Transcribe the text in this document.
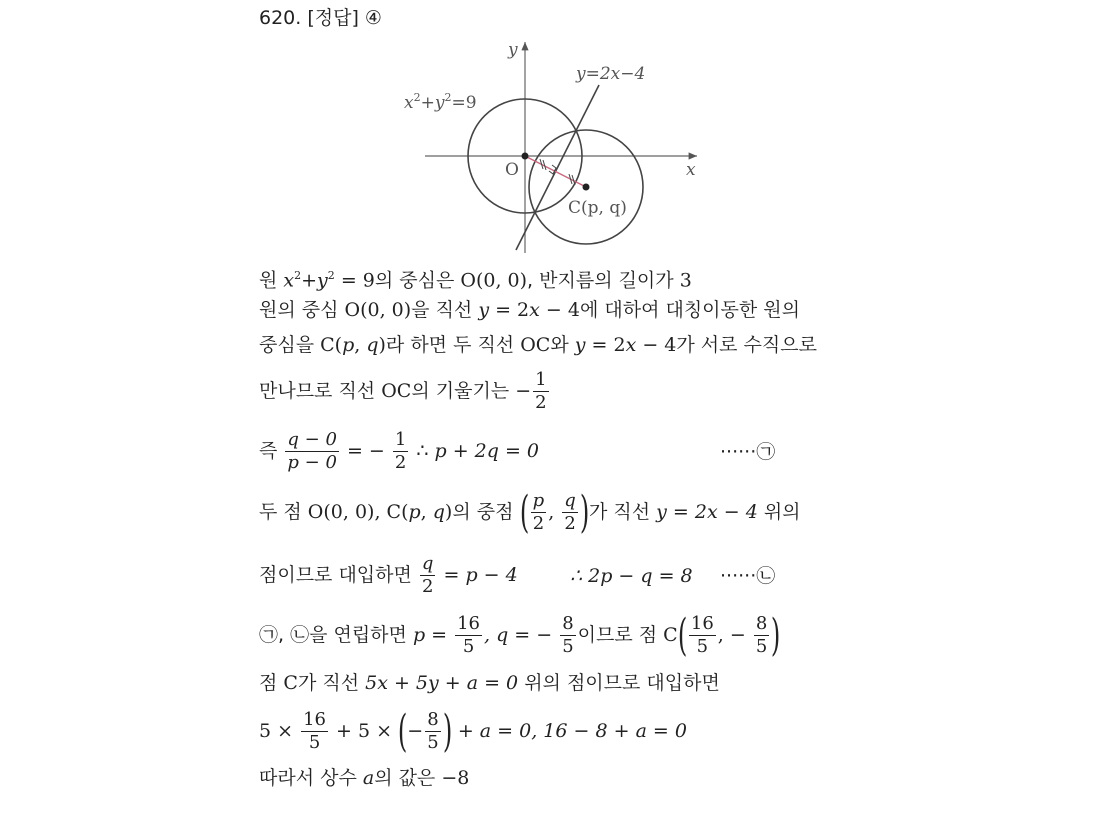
620. [정답] ④
y
x
O
y=2x−4
$x^2+y^2=9$
C(p, q)
원 $x^2+y^2 = 9$의 중심은 O(0, 0), 반지름의 길이가 3
원의 중심 O(0, 0)을 직선 y = 2x − 4에 대하여 대칭이동한 원의
중심을 C(p, q)라 하면 두 직선 OC와 y = 2x − 4가 서로 수직으로
만나므로 직선 OC의 기울기는 − $\frac{1}{2}$
즉 $\frac{q - 0}{p - 0}$ = − $\frac{1}{2}$ ∴ p + 2q = 0	······㉠
두 점 O(0, 0), C(p, q)의 중점 ( $\frac{p}{2}$ , $\frac{q}{2}$ )가 직선 y = 2x − 4 위의
점이므로 대입하면 $\frac{q}{2} = p - 4$	∴ 2p − q = 8 ······㉡
㉠, ㉡을 연립하면 $p = \frac{16}{5}$ , q = − $\frac{8}{5}$ 이므로 점 $C( \frac{16}{5}$ , − $\frac{8}{5}$ )
점 C가 직선 5x + 5y + a = 0 위의 점이므로 대입하면
$5 \times \frac{16}{5} + 5$ × (− $\frac{8}{5}$ ) + a = 0, 16 − 8 + a = 0
따라서 상수 a의 값은 −8
